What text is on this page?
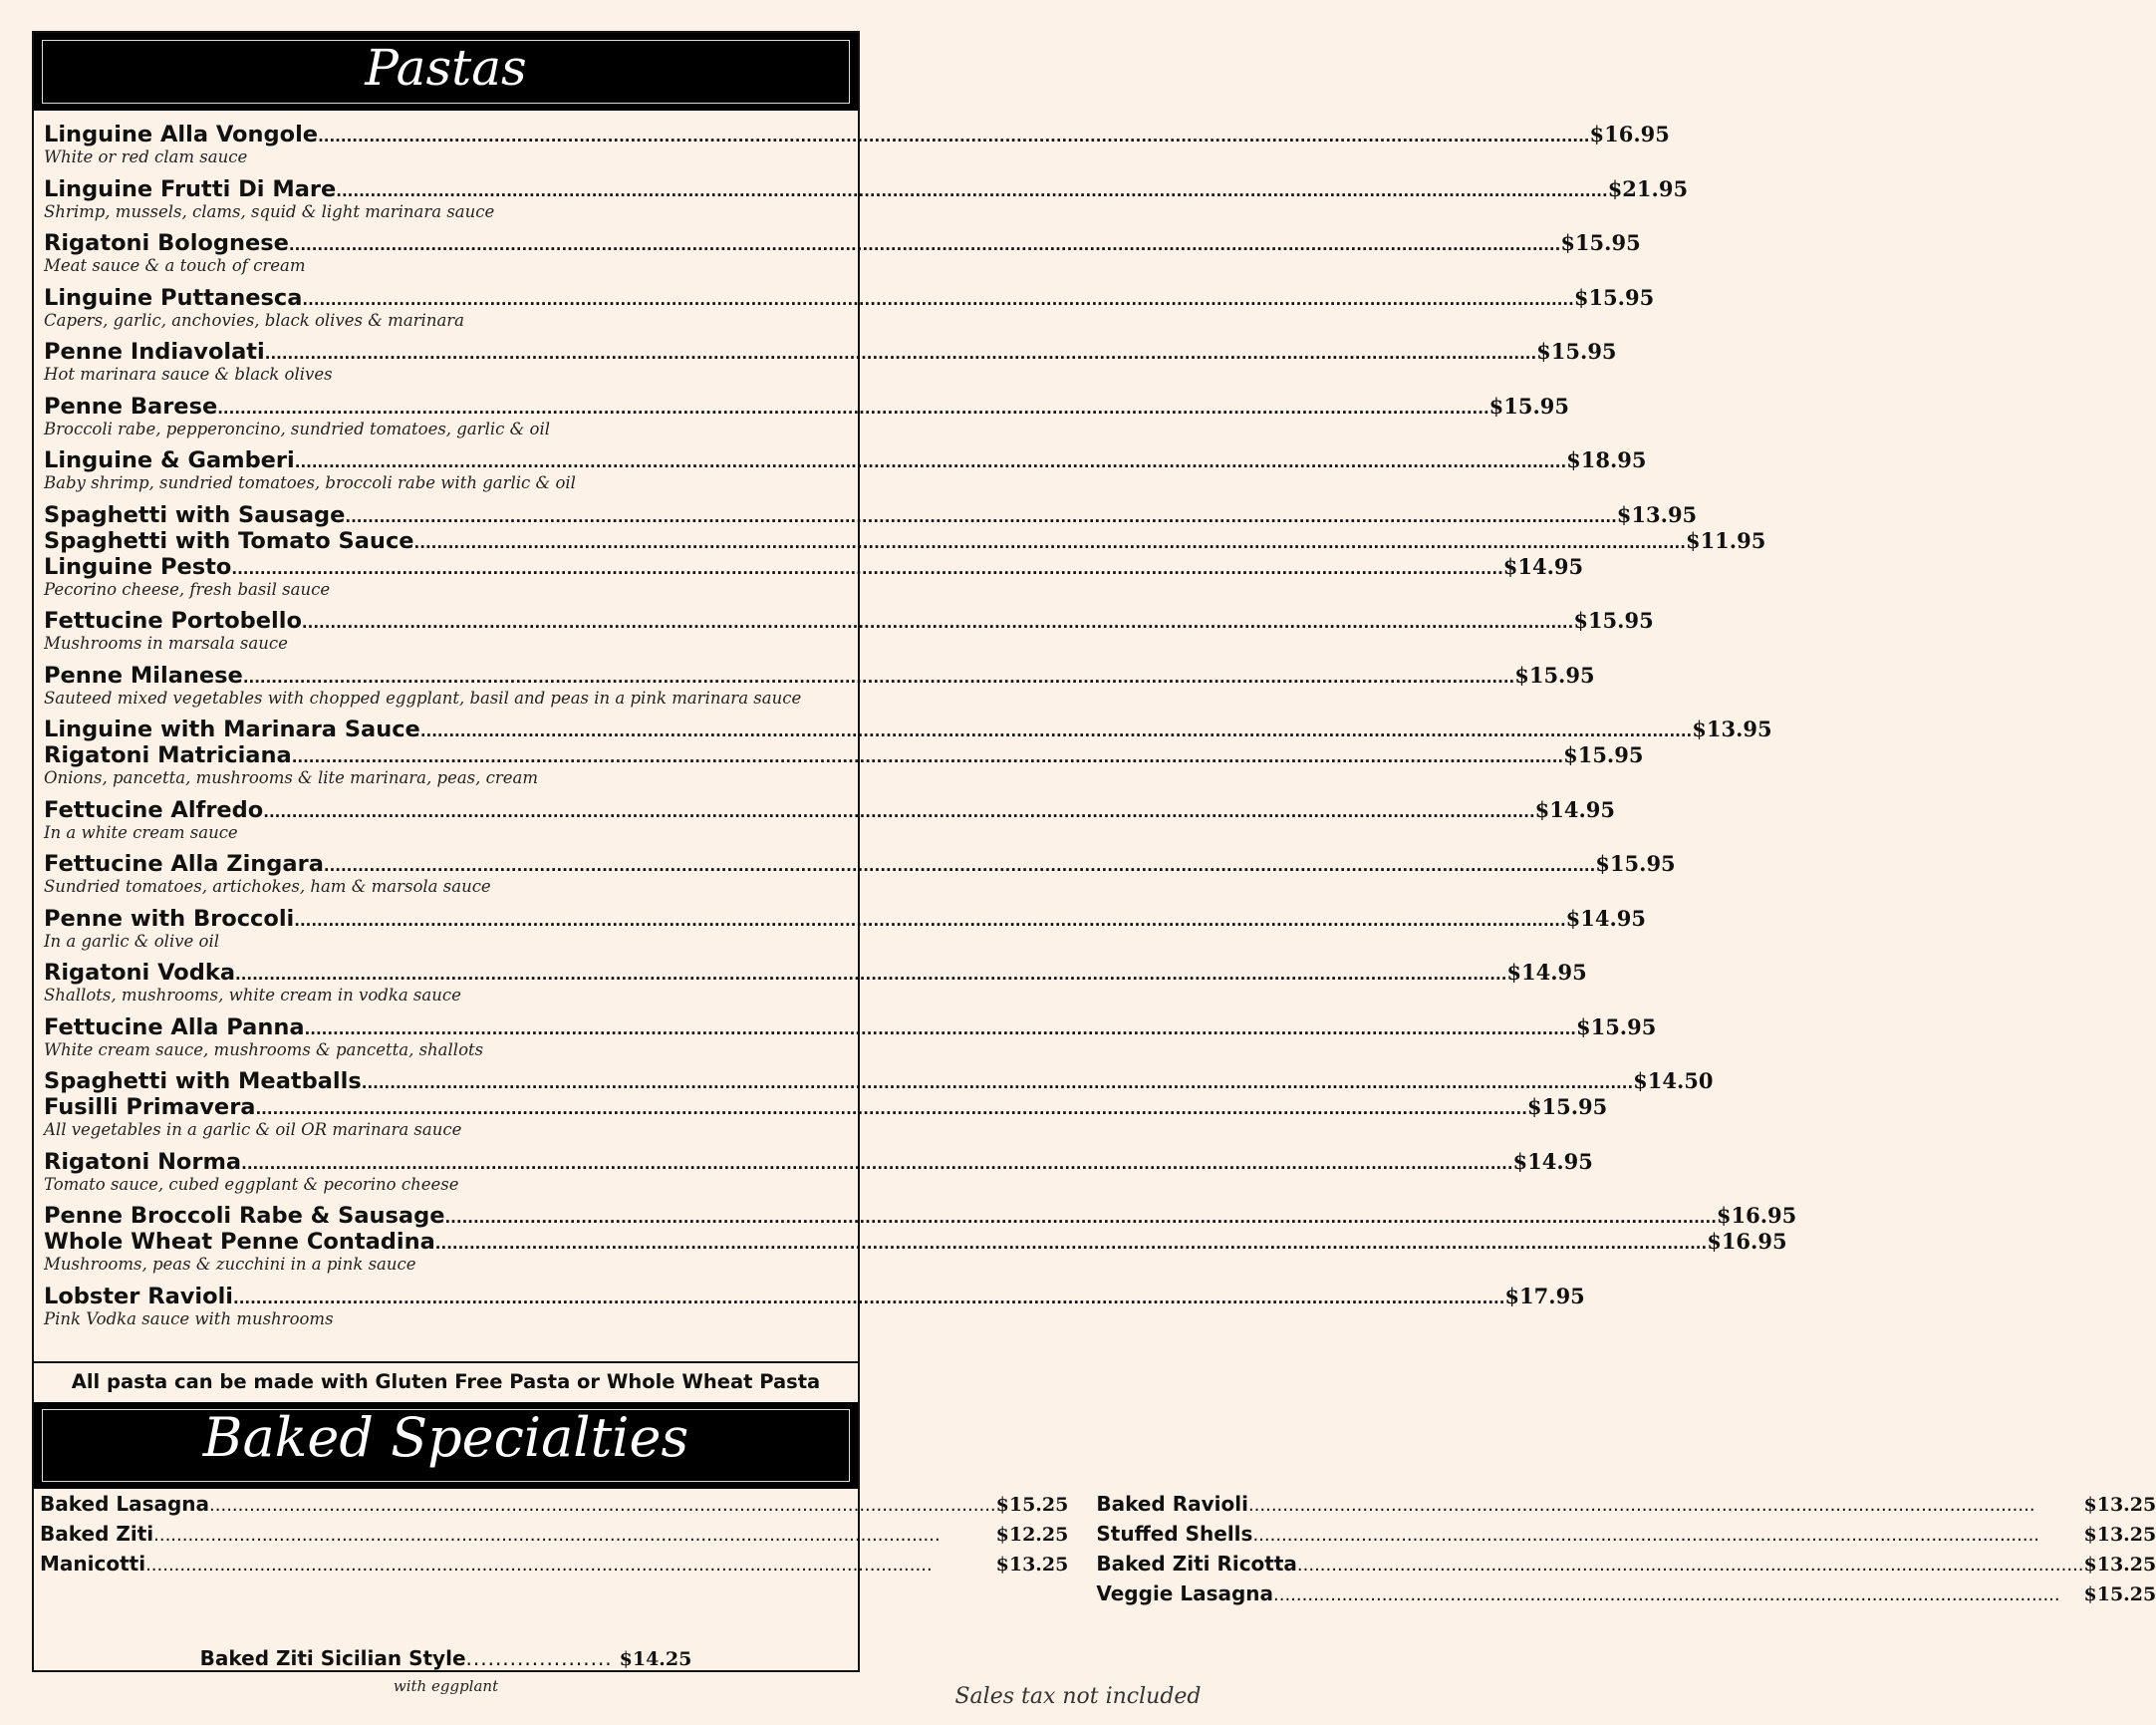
Pastas
Linguine Alla Vongole .....	$16.95
White or red clam sauce
Linguine Frutti Di Mare .....	$21.95
Shrimp, mussels, clams, squid & light marinara sauce
Rigatoni Bolognese .....	$15.95
Meat sauce & a touch of cream
Linguine Puttanesca .....	$15.95
Capers, garlic, anchovies, black olives & marinara
Penne Indiavolati .....	$15.95
Hot marinara sauce & black olives
Penne Barese .....	$15.95
Broccoli rabe, pepperoncino, sundried tomatoes, garlic & oil
Linguine & Gamberi .....	$18.95
Baby shrimp, sundried tomatoes, broccoli rabe with garlic & oil
Spaghetti with Sausage .....	$13.95
Spaghetti with Tomato Sauce .....	$11.95
Linguine Pesto .....	$14.95
Pecorino cheese, fresh basil sauce
Fettucine Portobello .....	$15.95
Mushrooms in marsala sauce
Penne Milanese .....	$15.95
Sauteed mixed vegetables with chopped eggplant, basil and peas in a pink marinara sauce
Linguine with Marinara Sauce .....	$13.95
Rigatoni Matriciana .....	$15.95
Onions, pancetta, mushrooms & lite marinara, peas, cream
Fettucine Alfredo .....	$14.95
In a white cream sauce
Fettucine Alla Zingara .....	$15.95
Sundried tomatoes, artichokes, ham & marsola sauce
Penne with Broccoli .....	$14.95
In a garlic & olive oil
Rigatoni Vodka .....	$14.95
Shallots, mushrooms, white cream in vodka sauce
Fettucine Alla Panna .....	$15.95
White cream sauce, mushrooms & pancetta, shallots
Spaghetti with Meatballs .....	$14.50
Fusilli Primavera .....	$15.95
All vegetables in a garlic & oil OR marinara sauce
Rigatoni Norma .....	$14.95
Tomato sauce, cubed eggplant & pecorino cheese
Penne Broccoli Rabe & Sausage .....	$16.95
Whole Wheat Penne Contadina .....	$16.95
Mushrooms, peas & zucchini in a pink sauce
Lobster Ravioli .....	$17.95
Pink Vodka sauce with mushrooms
All pasta can be made with Gluten Free Pasta or Whole Wheat Pasta
Baked Specialties
Baked Lasagna .....	$15.25
Baked Ziti .....	$12.25
Manicotti .....	$13.25
Baked Ravioli .....	$13.25
Stuffed Shells .....	$13.25
Baked Ziti Ricotta .....	$13.25
Veggie Lasagna .....	$15.25
Baked Ziti Sicilian Style.................... $14.25
with eggplant	Sales tax not included
